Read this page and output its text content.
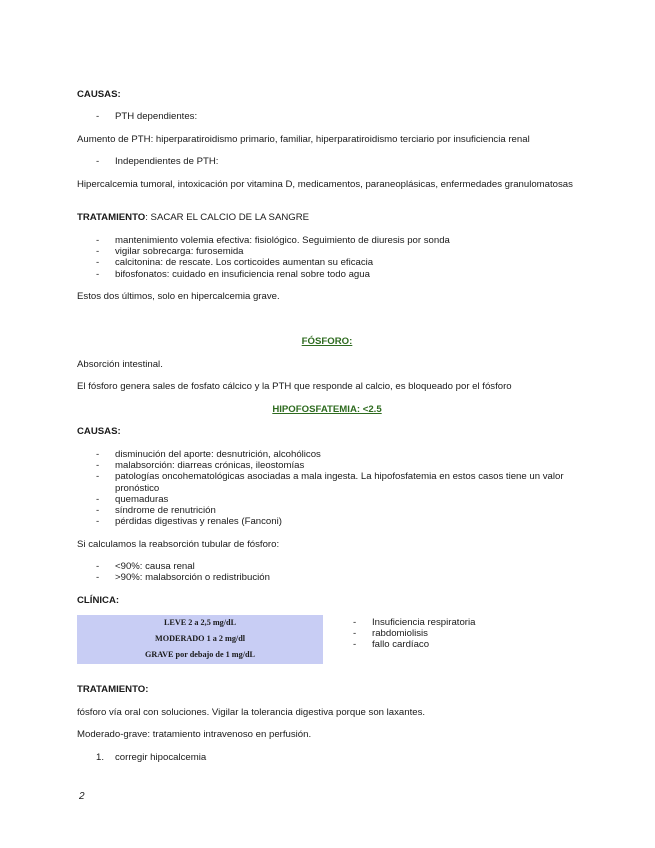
CAUSAS:

- PTH dependientes:

Aumento de PTH: hiperparatiroidismo primario, familiar, hiperparatiroidismo terciario por insuficiencia renal

- Independientes de PTH:

Hipercalcemia tumoral, intoxicación por vitamina D, medicamentos, paraneoplásicas, enfermedades granulomatosas

TRATAMIENTO: SACAR EL CALCIO DE LA SANGRE

- mantenimiento volemia efectiva: fisiológico. Seguimiento de diuresis por sonda
- vigilar sobrecarga: furosemida
- calcitonina: de rescate. Los corticoides aumentan su eficacia
- bifosfonatos: cuidado en insuficiencia renal sobre todo agua

Estos dos últimos, solo en hipercalcemia grave.

FÓSFORO:

Absorción intestinal.

El fósforo genera sales de fosfato cálcico y la PTH que responde al calcio, es bloqueado por el fósforo

HIPOFOSFATEMIA: <2.5

CAUSAS:

- disminución del aporte: desnutrición, alcohólicos
- malabsorción: diarreas crónicas, ileostomías
- patologías oncohematológicas asociadas a mala ingesta. La hipofosfatemia en estos casos tiene un valor pronóstico
- quemaduras
- síndrome de renutrición
- pérdidas digestivas y renales (Fanconi)

Si calculamos la reabsorción tubular de fósforo:

- <90%: causa renal
- >90%: malabsorción o redistribución

CLÍNICA:

LEVE 2 a 2,5 mg/dL
MODERADO 1 a 2 mg/dl
GRAVE por debajo de 1 mg/dL
- Insuficiencia respiratoria
- rabdomiolisis
- fallo cardíaco

TRATAMIENTO:

fósforo vía oral con soluciones. Vigilar la tolerancia digestiva porque son laxantes.

Moderado-grave: tratamiento intravenoso en perfusión.

1. corregir hipocalcemia
2
